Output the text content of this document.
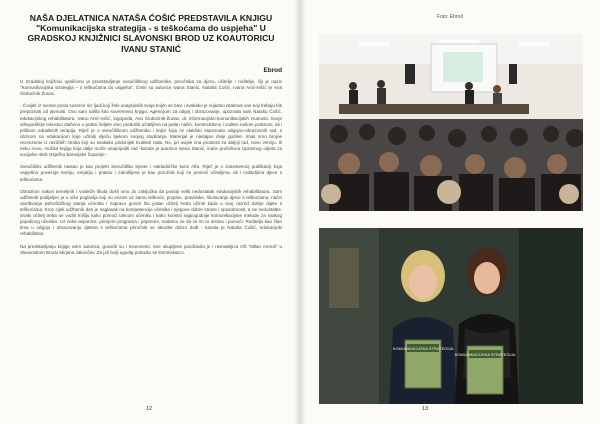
NAŠA DJELATNICA NATAŠA ĆOŠIĆ PREDSTAVILA KNJIGU "Komunikacijska strategija - s teškoćama do uspjeha" U GRADSKOJ KNJIŽNICI SLAVONSKI BROD UZ KOAUTORICU IVANU STANIĆ

Ebrod

U Gradskoj knjižnici upriličeno je predstavljanje sveučilišnog udžbenika, priručnika za djecu, učitelje i roditelje, čiji je naziv "Komunikacijska strategija – s teškoćama do uspjeha". Četiri su autorice Ivana Stanić, Nataša Ćošić, Ivana Anić-Ivičić te Ana Globočnik Žunac.

- Čovjek iz svome poslu susreće niz ljudi koji žele unaprijediti svoje kojim se bavi i svakako je vrijedno istaknuti one koji trebaju biti prepoznati od javnosti. Ovo sam našla kao suvremenu knjigu. Agencijom za odgoj i obrazovanje, upoznala sam Natašu Ćošić, edukacijskog rehabilitatora, Ivanu Anić-Ivičić, logopeda, Anu Globočnik-Žunac, dr. informacijsko-komunikacijskih znanosti. Svoje višegodišnje iskustvo stečeno u praksi željele smo predočiti učiteljima na jedan način, konstruktivno i vođeni našom praksom, ali i prilikom odrađenih terapija. Riječ je o sveučilišnom udžbeniku i knjizi koja će olakšati nepoznato odgojno-obrazovnih rad, s obzirom na edukacijom koje učitelji stječu tijekom svojeg studiranja. Materijal je nastajao dvije godine. Imali smo brojne recenzente iz različitih struka koji su svakako pridonijeli kvaliteti rada. No, pri uvijek ima prostora za daljnji rad, novu verziju. Ili neku novu, možda knjigu koja dalje može unaprijediti rad -kazala je autorica Ivana Stanić, inače pročelnica Upravnog odjela za socijalno skrb Osječko-baranjske županije -

Sveučilišni udžbenik nastao je kao projekt Sveučilišta Sjever i nakladničke kuće Alfa. Riječ je o znanstvenoj publikaciji koja uspješno povezuje teoriju, empiriju i praksu i zamišljena je kao priručnik koji će pomoći učiteljima, ali i roditeljima djece s teškoćama.

Obrazlom nakon temeljnih i vodećih škola došli smo do zaključka da postoji velik nedostatak edukacijskih rehabilitatora. Sam udžbenik podijeljen je u više poglavlja koji su vezani uz samu teškoće, propise, pravilnike, školovanje djece s teškoćama, način utvrđivanja psihofizičkog stanja učenika i zapravo govori što jedan učitelj treba učiniti kada u svoj razred dobije dijete s teškoćama. Kroz cijeli udžbenik dan je naglasak na kompetencije učenika i njegove dobre strane i sposobnosti, a ne nedostatke. Svaki učitelj treba se voditi mišlju kako pomoći takvom učeniku i kako koristiti najpogodnije komunikacijske metode za svakog pojedinog učenika. Uz neke anjemice, primjere programa i pripreme, nadamo se da će im to uistinu i pomoći. Roditelju kao član tima u odgoju i obrazovanju djeteta s teškoćama priručnik se također dobro dođi - kazala je Nataša Ćošić, edukacijski rehabilitator.

Na predstavljanju knjige osim autorica, govorili su i recenzenti. Sve okupljene pozdravila je i ravnateljica OŠ "Milan Amruš" u Slavonskom Brodu Mirjana Jakovčev. Za još bolji ugodaj potrudio se Dominik&Co.

12

Foto: Ebrod

KOMUNIKACIJSKA STRATEGIJA
KOMUNIKACIJSKA STRATEGIJA
13
